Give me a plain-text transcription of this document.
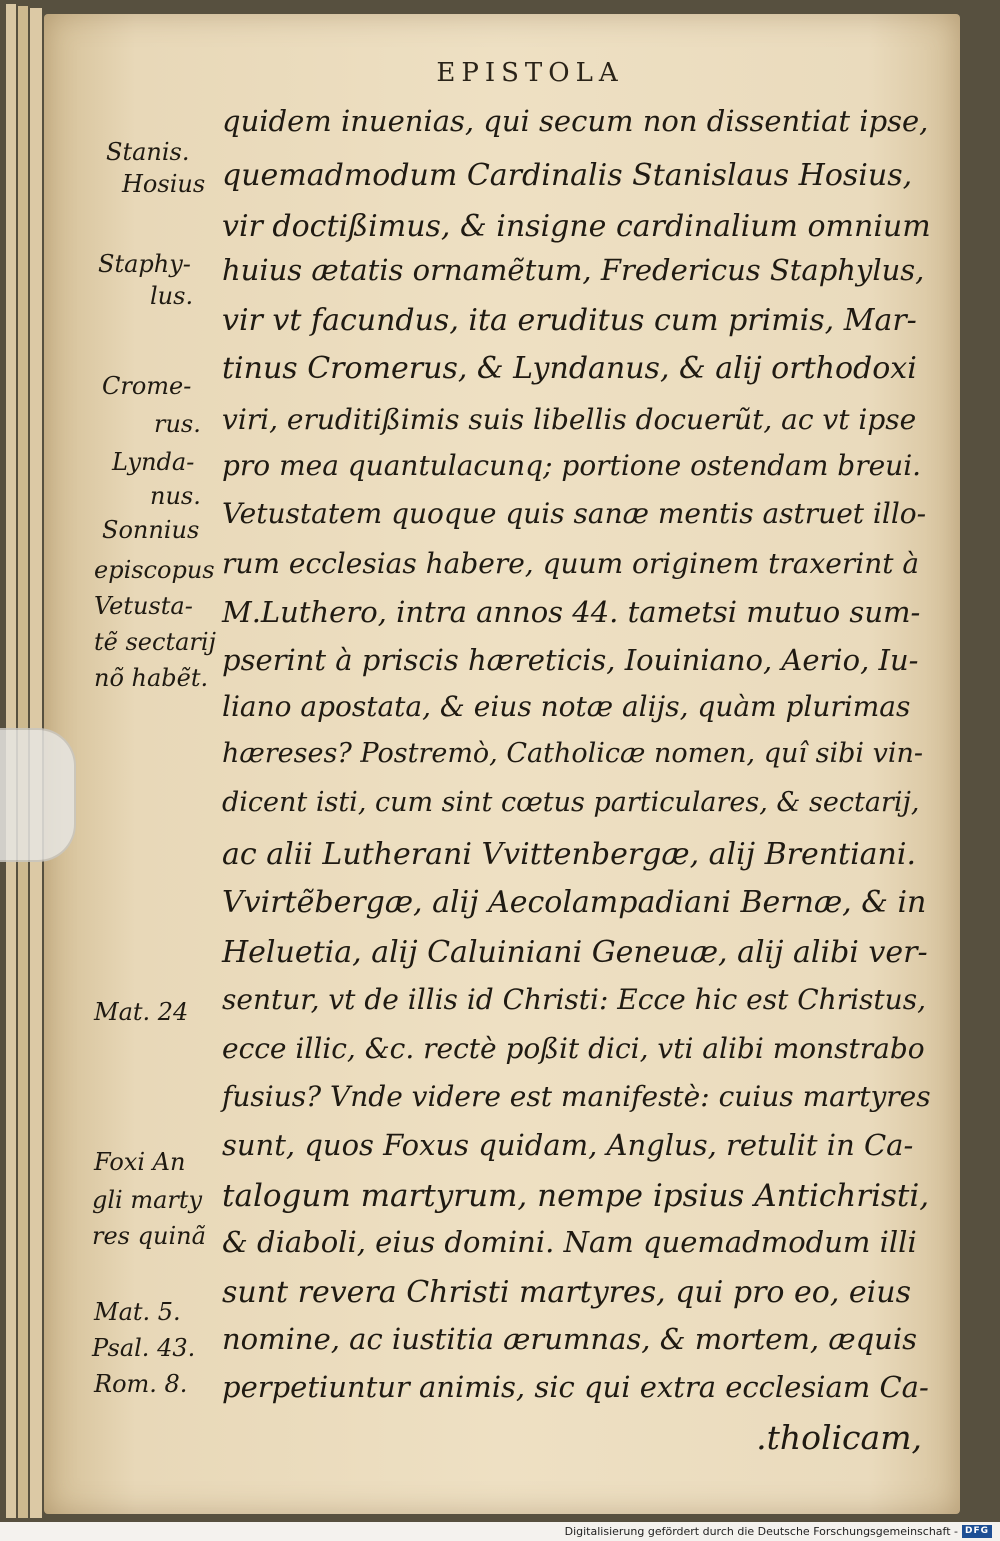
EPISTOLA
quidem inuenias, qui secum non dissentiat ipse,
quemadmodum Cardinalis Stanislaus Hosius,
vir doctißimus, & insigne cardinalium omnium
huius ætatis ornamẽtum, Fredericus Staphylus,
vir vt facundus, ita eruditus cum primis, Mar-
tinus Cromerus, & Lyndanus, & alij orthodoxi
viri, eruditißimis suis libellis docuerũt, ac vt ipse
pro mea quantulacunq; portione ostendam breui.
Vetustatem quoque quis sanæ mentis astruet illo-
rum ecclesias habere, quum originem traxerint à
M.Luthero, intra annos 44. tametsi mutuo sum-
pserint à priscis hæreticis, Iouiniano, Aerio, Iu-
liano apostata, & eius notæ alijs, quàm plurimas
hæreses? Postremò, Catholicæ nomen, quî sibi vin-
dicent isti, cum sint cœtus particulares, & sectarij,
ac alii Lutherani Vvittenbergæ, alij Brentiani.
Vvirtẽbergæ, alij Aecolampadiani Bernæ, & in
Heluetia, alij Caluiniani Geneuæ, alij alibi ver-
sentur, vt de illis id Christi: Ecce hic est Christus,
ecce illic, &c. rectè poßit dici, vti alibi monstrabo
fusius? Vnde videre est manifestè: cuius martyres
sunt, quos Foxus quidam, Anglus, retulit in Ca-
talogum martyrum, nempe ipsius Antichristi,
& diaboli, eius domini. Nam quemadmodum illi
sunt revera Christi martyres, qui pro eo, eius
nomine, ac iustitia ærumnas, & mortem, æquis
perpetiuntur animis, sic qui extra ecclesiam Ca-
.tholicam,
Stanis.
Hosius
Staphy-
lus.
Crome-
rus.
Lynda-
nus.
Sonnius
episcopus
Vetusta-
tẽ sectarij
nõ habẽt.
Mat. 24
Foxi An
gli marty
res quinã
Mat. 5.
Psal. 43.
Rom. 8.
Digitalisierung gefördert durch die Deutsche Forschungsgemeinschaft - DFG
